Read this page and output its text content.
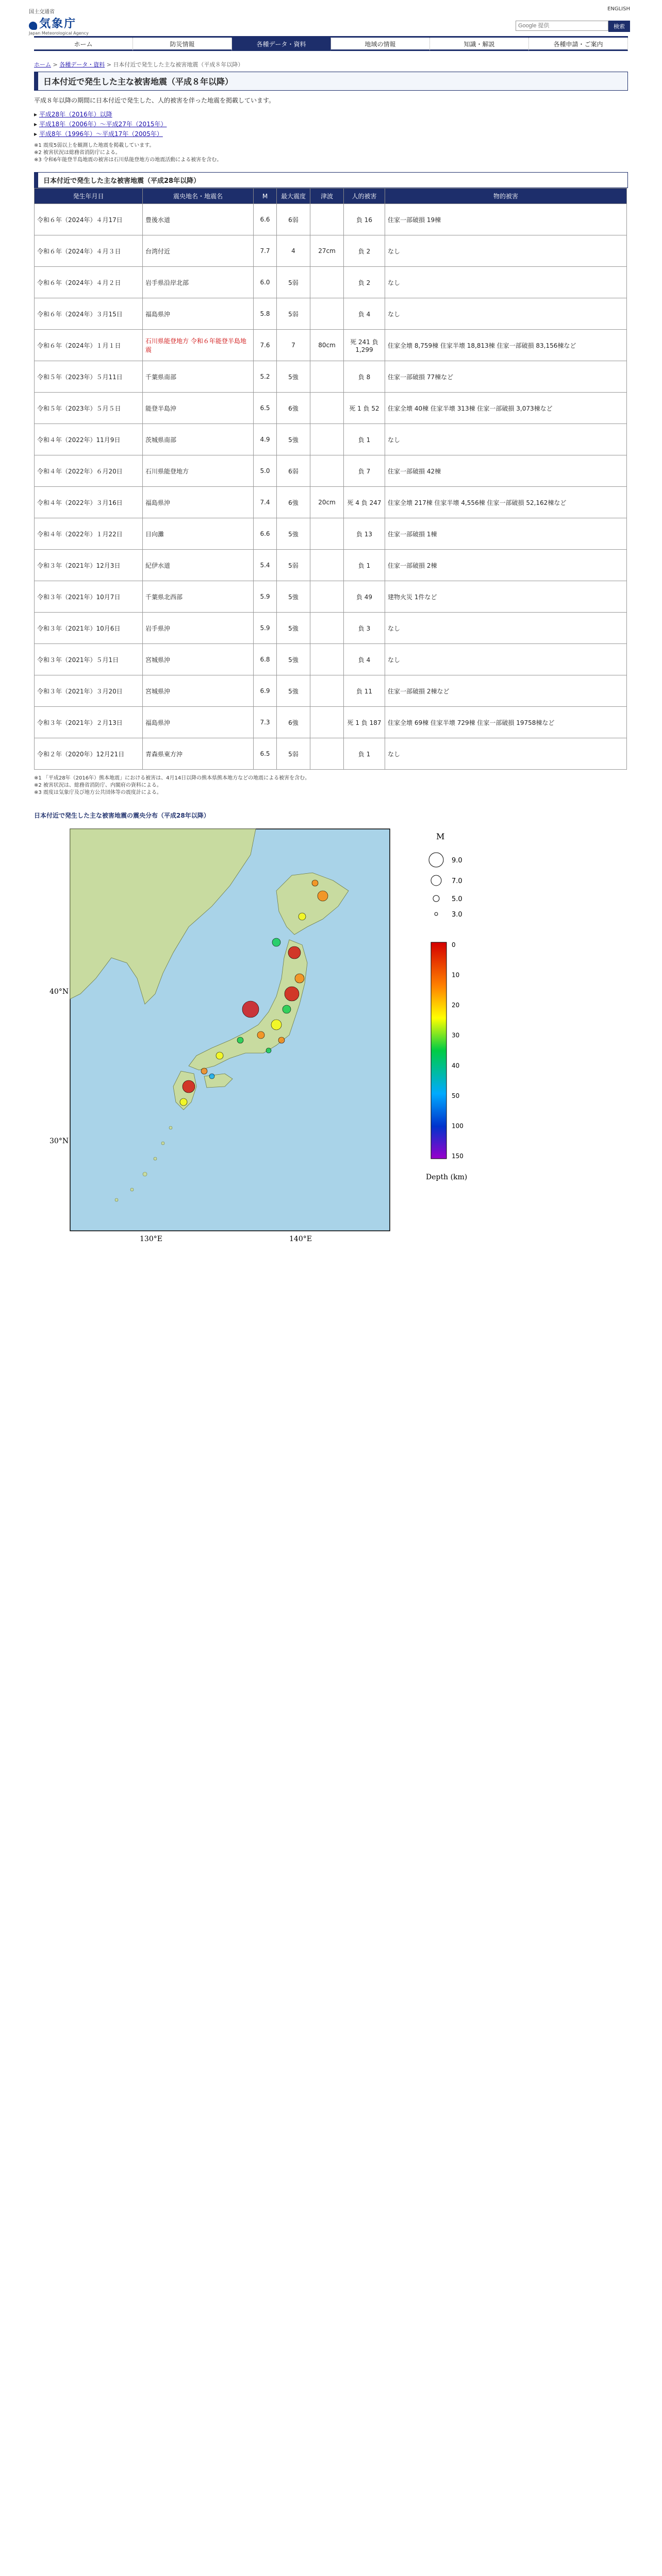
国土交通省
気象庁
Japan Meteorological Agency
ENGLISH
Google 提供
検索
ホーム	防災情報	各種データ・資料	地域の情報	知識・解説	各種申請・ご案内
ホーム > 各種データ・資料 > 日本付近で発生した主な被害地震（平成８年以降）
日本付近で発生した主な被害地震（平成８年以降）
平成８年以降の期間に日本付近で発生した、人的被害を伴った地震を掲載しています。
▸ 平成28年（2016年）以降
▸ 平成18年（2006年）〜平成27年（2015年）
▸ 平成8年（1996年）〜平成17年（2005年）
※1 震度5弱以上を観測した地震を掲載しています。
※2 被害状況は総務省消防庁による。
※3 令和6年能登半島地震の被害は石川県能登地方の地震活動による被害を含む。
日本付近で発生した主な被害地震（平成28年以降）
発生年月日	震央地名・地震名	M	最大震度	津波	人的被害	物的被害
令和６年（2024年）４月17日	豊後水道	6.6	6弱		負 16	住家一部破損 19棟
令和６年（2024年）４月３日	台湾付近	7.7	4	27cm	負 2	なし
令和６年（2024年）４月２日	岩手県沿岸北部	6.0	5弱		負 2	なし
令和６年（2024年）３月15日	福島県沖	5.8	5弱		負 4	なし
令和６年（2024年）１月１日	石川県能登地方 令和６年能登半島地震	7.6	7	80cm	死 241 負 1,299	住家全壊 8,759棟 住家半壊 18,813棟 住家一部破損 83,156棟など
令和５年（2023年）５月11日	千葉県南部	5.2	5強		負 8	住家一部破損 77棟など
令和５年（2023年）５月５日	能登半島沖	6.5	6強		死 1 負 52	住家全壊 40棟 住家半壊 313棟 住家一部破損 3,073棟など
令和４年（2022年）11月9日	茨城県南部	4.9	5強		負 1	なし
令和４年（2022年）６月20日	石川県能登地方	5.0	6弱		負 7	住家一部破損 42棟
令和４年（2022年）３月16日	福島県沖	7.4	6強	20cm	死 4 負 247	住家全壊 217棟 住家半壊 4,556棟 住家一部破損 52,162棟など
令和４年（2022年）１月22日	日向灘	6.6	5強		負 13	住家一部破損 1棟
令和３年（2021年）12月3日	紀伊水道	5.4	5弱		負 1	住家一部破損 2棟
令和３年（2021年）10月7日	千葉県北西部	5.9	5強		負 49	建物火災 1件など
令和３年（2021年）10月6日	岩手県沖	5.9	5強		負 3	なし
令和３年（2021年）５月1日	宮城県沖	6.8	5強		負 4	なし
令和３年（2021年）３月20日	宮城県沖	6.9	5強		負 11	住家一部破損 2棟など
令和３年（2021年）２月13日	福島県沖	7.3	6強		死 1 負 187	住家全壊 69棟 住家半壊 729棟 住家一部破損 19758棟など
令和２年（2020年）12月21日	青森県東方沖	6.5	5弱		負 1	なし
※1 「平成28年（2016年）熊本地震」における被害は、4月14日以降の熊本県熊本地方などの地震による被害を含む。
※2 被害状況は、総務省消防庁、内閣府の資料による。
※3 震度は気象庁及び地方公共団体等の震度計による。
日本付近で発生した主な被害地震の震央分布（平成28年以降）
40°N
30°N
130°E	140°E
M
9.0
7.0
5.0
3.0
0
10
20
30
40
50
100
150
Depth (km)
